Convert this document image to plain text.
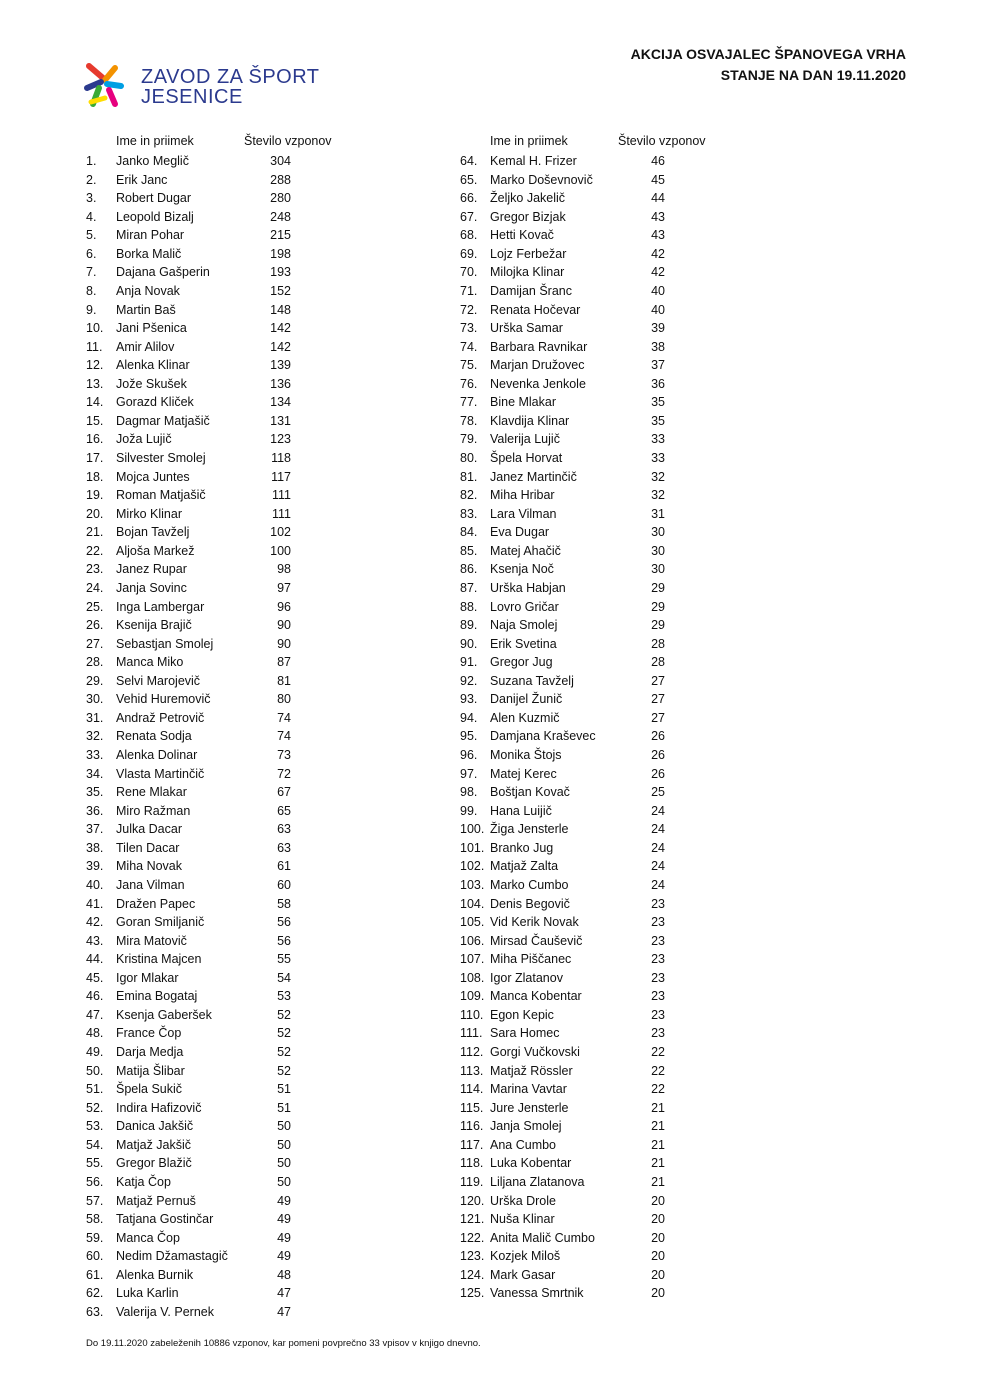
ZAVOD ZA ŠPORT
JESENICE
AKCIJA OSVAJALEC ŠPANOVEGA VRHA
STANJE NA DAN 19.11.2020
Ime in priimek	Število vzponov
1. Janko Meglič	304
2. Erik Janc	288
3. Robert Dugar	280
4. Leopold Bizalj	248
5. Miran Pohar	215
6. Borka Malič	198
7. Dajana Gašperin	193
8. Anja Novak	152
9. Martin Baš	148
10. Jani Pšenica	142
11. Amir Alilov	142
12. Alenka Klinar	139
13. Jože Skušek	136
14. Gorazd Kliček	134
15. Dagmar Matjašič	131
16. Joža Lujič	123
17. Silvester Smolej	118
18. Mojca Juntes	117
19. Roman Matjašič	111
20. Mirko Klinar	111
21. Bojan Tavželj	102
22. Aljoša Markež	100
23. Janez Rupar	98
24. Janja Sovinc	97
25. Inga Lambergar	96
26. Ksenija Brajič	90
27. Sebastjan Smolej	90
28. Manca Miko	87
29. Selvi Marojevič	81
30. Vehid Huremovič	80
31. Andraž Petrovič	74
32. Renata Sodja	74
33. Alenka Dolinar	73
34. Vlasta Martinčič	72
35. Rene Mlakar	67
36. Miro Ražman	65
37. Julka Dacar	63
38. Tilen Dacar	63
39. Miha Novak	61
40. Jana Vilman	60
41. Dražen Papec	58
42. Goran Smiljanič	56
43. Mira Matovič	56
44. Kristina Majcen	55
45. Igor Mlakar	54
46. Emina Bogataj	53
47. Ksenja Gaberšek	52
48. France Čop	52
49. Darja Medja	52
50. Matija Šlibar	52
51. Špela Sukič	51
52. Indira Hafizovič	51
53. Danica Jakšič	50
54. Matjaž Jakšič	50
55. Gregor Blažič	50
56. Katja Čop	50
57. Matjaž Pernuš	49
58. Tatjana Gostinčar	49
59. Manca Čop	49
60. Nedim Džamastagič	49
61. Alenka Burnik	48
62. Luka Karlin	47
63. Valerija V. Pernek	47
Ime in priimek	Število vzponov
64. Kemal H. Frizer	46
65. Marko Doševnovič	45
66. Željko Jakelič	44
67. Gregor Bizjak	43
68. Hetti Kovač	43
69. Lojz Ferbežar	42
70. Milojka Klinar	42
71. Damijan Šranc	40
72. Renata Hočevar	40
73. Urška Samar	39
74. Barbara Ravnikar	38
75. Marjan Družovec	37
76. Nevenka Jenkole	36
77. Bine Mlakar	35
78. Klavdija Klinar	35
79. Valerija Lujič	33
80. Špela Horvat	33
81. Janez Martinčič	32
82. Miha Hribar	32
83. Lara Vilman	31
84. Eva Dugar	30
85. Matej Ahačič	30
86. Ksenja Noč	30
87. Urška Habjan	29
88. Lovro Gričar	29
89. Naja Smolej	29
90. Erik Svetina	28
91. Gregor Jug	28
92. Suzana Tavželj	27
93. Danijel Žunič	27
94. Alen Kuzmič	27
95. Damjana Kraševec	26
96. Monika Štojs	26
97. Matej Kerec	26
98. Boštjan Kovač	25
99. Hana Luijič	24
100. Žiga Jensterle	24
101. Branko Jug	24
102. Matjaž Zalta	24
103. Marko Cumbo	24
104. Denis Begovič	23
105. Vid Kerik Novak	23
106. Mirsad Čauševič	23
107. Miha Piščanec	23
108. Igor Zlatanov	23
109. Manca Kobentar	23
110. Egon Kepic	23
111. Sara Homec	23
112. Gorgi Vučkovski	22
113. Matjaž Rössler	22
114. Marina Vavtar	22
115. Jure Jensterle	21
116. Janja Smolej	21
117. Ana Cumbo	21
118. Luka Kobentar	21
119. Liljana Zlatanova	21
120. Urška Drole	20
121. Nuša Klinar	20
122. Anita Malič Cumbo	20
123. Kozjek Miloš	20
124. Mark Gasar	20
125. Vanessa Smrtnik	20
Do 19.11.2020 zabeleženih 10886 vzponov, kar pomeni povprečno 33 vpisov v knjigo dnevno.
